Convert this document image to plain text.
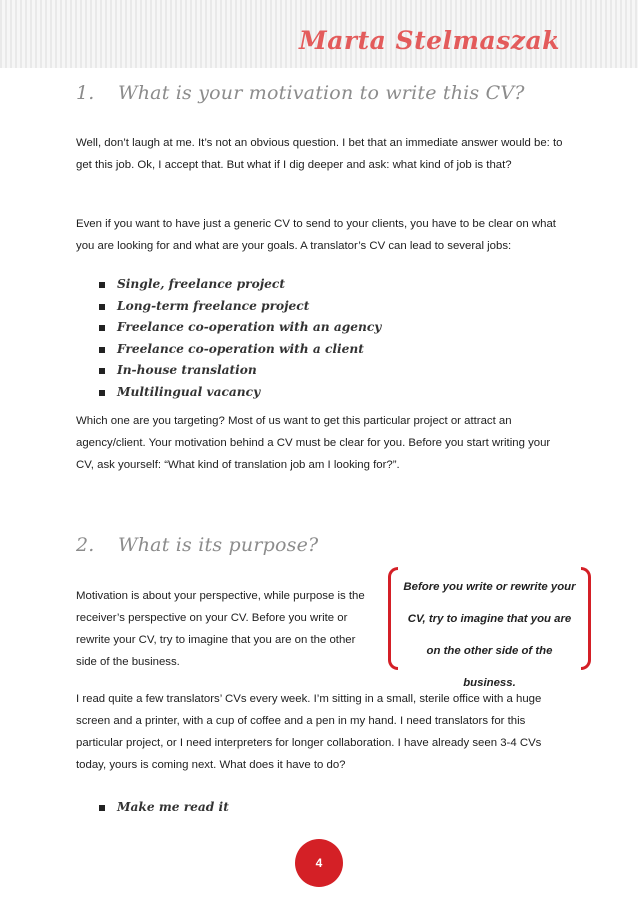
Marta Stelmaszak
1. What is your motivation to write this CV?
Well, don’t laugh at me. It’s not an obvious question. I bet that an immediate answer would be: to get this job. Ok, I accept that. But what if I dig deeper and ask: what kind of job is that?
Even if you want to have just a generic CV to send to your clients, you have to be clear on what you are looking for and what are your goals. A translator’s CV can lead to several jobs:
Single, freelance project
Long-term freelance project
Freelance co-operation with an agency
Freelance co-operation with a client
In-house translation
Multilingual vacancy
Which one are you targeting? Most of us want to get this particular project or attract an agency/client. Your motivation behind a CV must be clear for you. Before you start writing your CV, ask yourself: “What kind of translation job am I looking for?”.
2. What is its purpose?
Motivation is about your perspective, while purpose is the receiver’s perspective on your CV. Before you write or rewrite your CV, try to imagine that you are on the other side of the business.
Before you write or rewrite your CV, try to imagine that you are on the other side of the business.
I read quite a few translators’ CVs every week. I’m sitting in a small, sterile office with a huge screen and a printer, with a cup of coffee and a pen in my hand. I need translators for this particular project, or I need interpreters for longer collaboration. I have already seen 3-4 CVs today, yours is coming next. What does it have to do?
Make me read it
4
